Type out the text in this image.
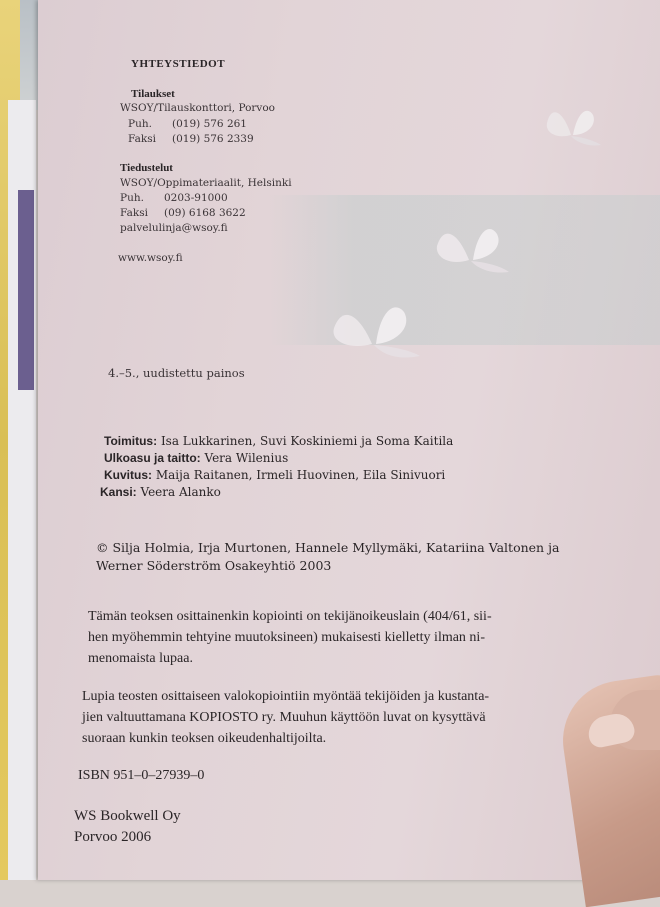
YHTEYSTIEDOT
Tilaukset
WSOY/Tilauskonttori, Porvoo
Puh. (019) 576 261
Faksi (019) 576 2339
Tiedustelut
WSOY/Oppimateriaalit, Helsinki
Puh. 0203-91000
Faksi (09) 6168 3622
palvelulinja@wsoy.fi
www.wsoy.fi
4.–5., uudistettu painos
Toimitus: Isa Lukkarinen, Suvi Koskiniemi ja Soma Kaitila
Ulkoasu ja taitto: Vera Wilenius
Kuvitus: Maija Raitanen, Irmeli Huovinen, Eila Sinivuori
Kansi: Veera Alanko
© Silja Holmia, Irja Murtonen, Hannele Myllymäki, Katariina Valtonen ja
Werner Söderström Osakeyhtiö 2003
Tämän teoksen osittainenkin kopiointi on tekijänoikeuslain (404/61, sii-
hen myöhemmin tehtyine muutoksineen) mukaisesti kielletty ilman ni-
menomaista lupaa.
Lupia teosten osittaiseen valokopiointiin myöntää tekijöiden ja kustanta-
jien valtuuttamana KOPIOSTO ry. Muuhun käyttöön luvat on kysyttävä
suoraan kunkin teoksen oikeudenhaltijoilta.
ISBN 951–0–27939–0
WS Bookwell Oy
Porvoo 2006
